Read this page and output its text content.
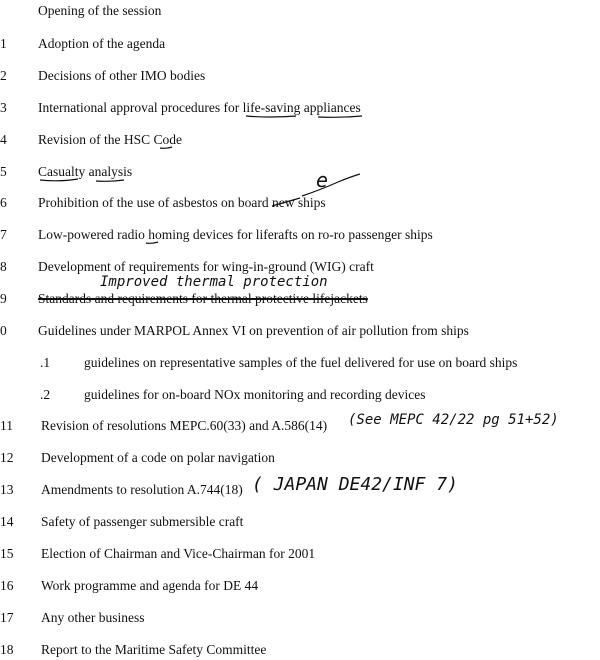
Opening of the session
1	Adoption of the agenda
2	Decisions of other IMO bodies
3	International approval procedures for life-saving appliances
4	Revision of the HSC Code
5	Casualty analysis
6	Prohibition of the use of asbestos on board new ships
7	Low-powered radio homing devices for liferafts on ro-ro passenger ships
8	Development of requirements for wing-in-ground (WIG) craft
9	Standards and requirements for thermal protective lifejackets
0	Guidelines under MARPOL Annex VI on prevention of air pollution from ships
.1	guidelines on representative samples of the fuel delivered for use on board ships
.2	guidelines for on-board NOx monitoring and recording devices
11	Revision of resolutions MEPC.60(33) and A.586(14)
12	Development of a code on polar navigation
13	Amendments to resolution A.744(18)
14	Safety of passenger submersible craft
15	Election of Chairman and Vice-Chairman for 2001
16	Work programme and agenda for DE 44
17	Any other business
18	Report to the Maritime Safety Committee
e
Improved thermal protection
(See MEPC 42/22 pg 51+52)
( JAPAN DE42/INF 7)
